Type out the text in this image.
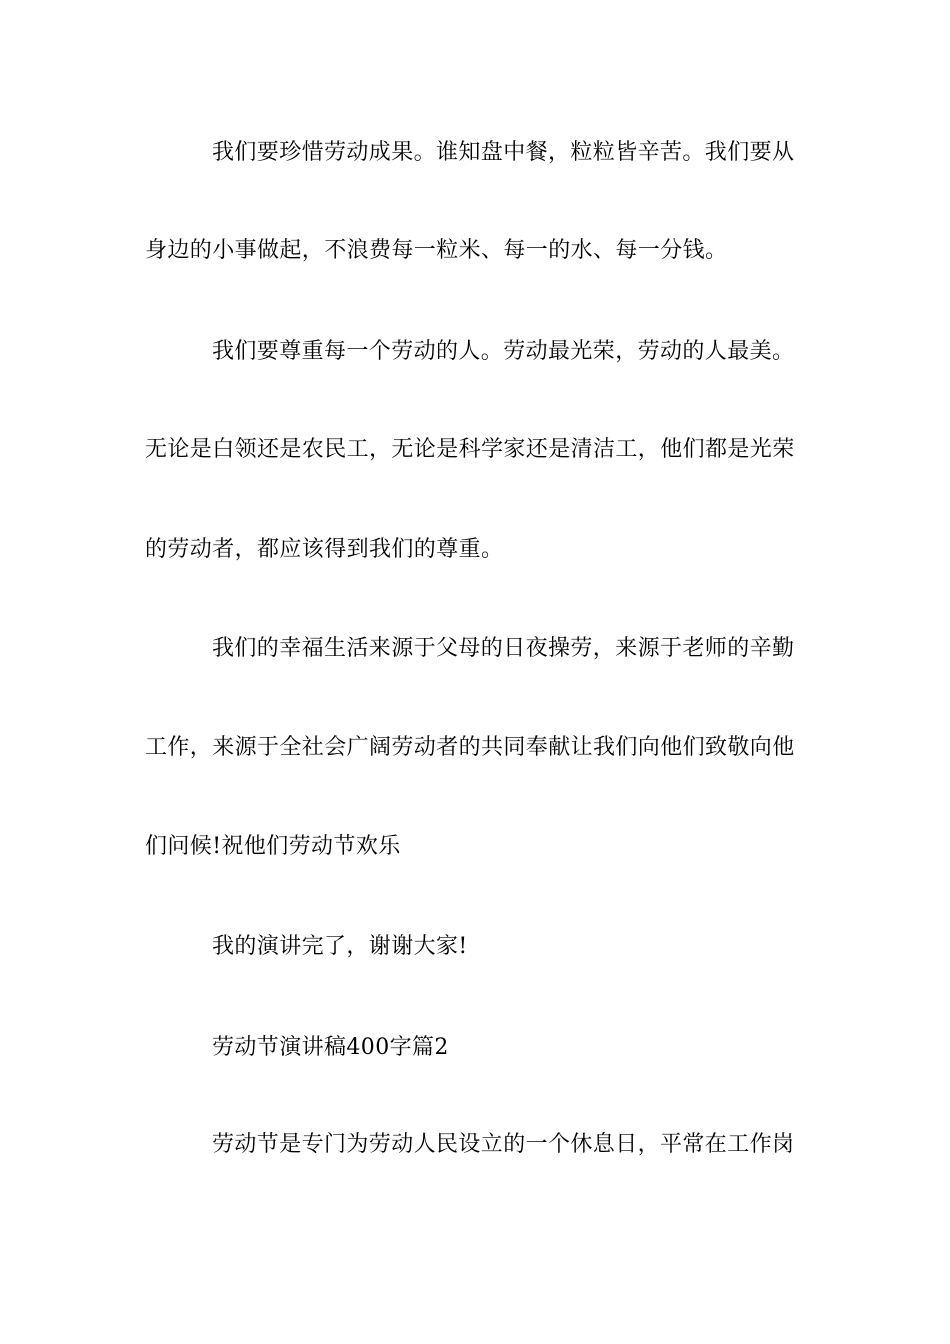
我们要珍惜劳动成果。谁知盘中餐，粒粒皆辛苦。我们要从
身边的小事做起，不浪费每一粒米、每一的水、每一分钱。
我们要尊重每一个劳动的人。劳动最光荣，劳动的人最美。
无论是白领还是农民工，无论是科学家还是清洁工，他们都是光荣
的劳动者，都应该得到我们的尊重。
我们的幸福生活来源于父母的日夜操劳，来源于老师的辛勤
工作，来源于全社会广阔劳动者的共同奉献让我们向他们致敬向他
们问候!祝他们劳动节欢乐
我的演讲完了，谢谢大家!
劳动节演讲稿400字篇2
劳动节是专门为劳动人民设立的一个休息日，平常在工作岗
